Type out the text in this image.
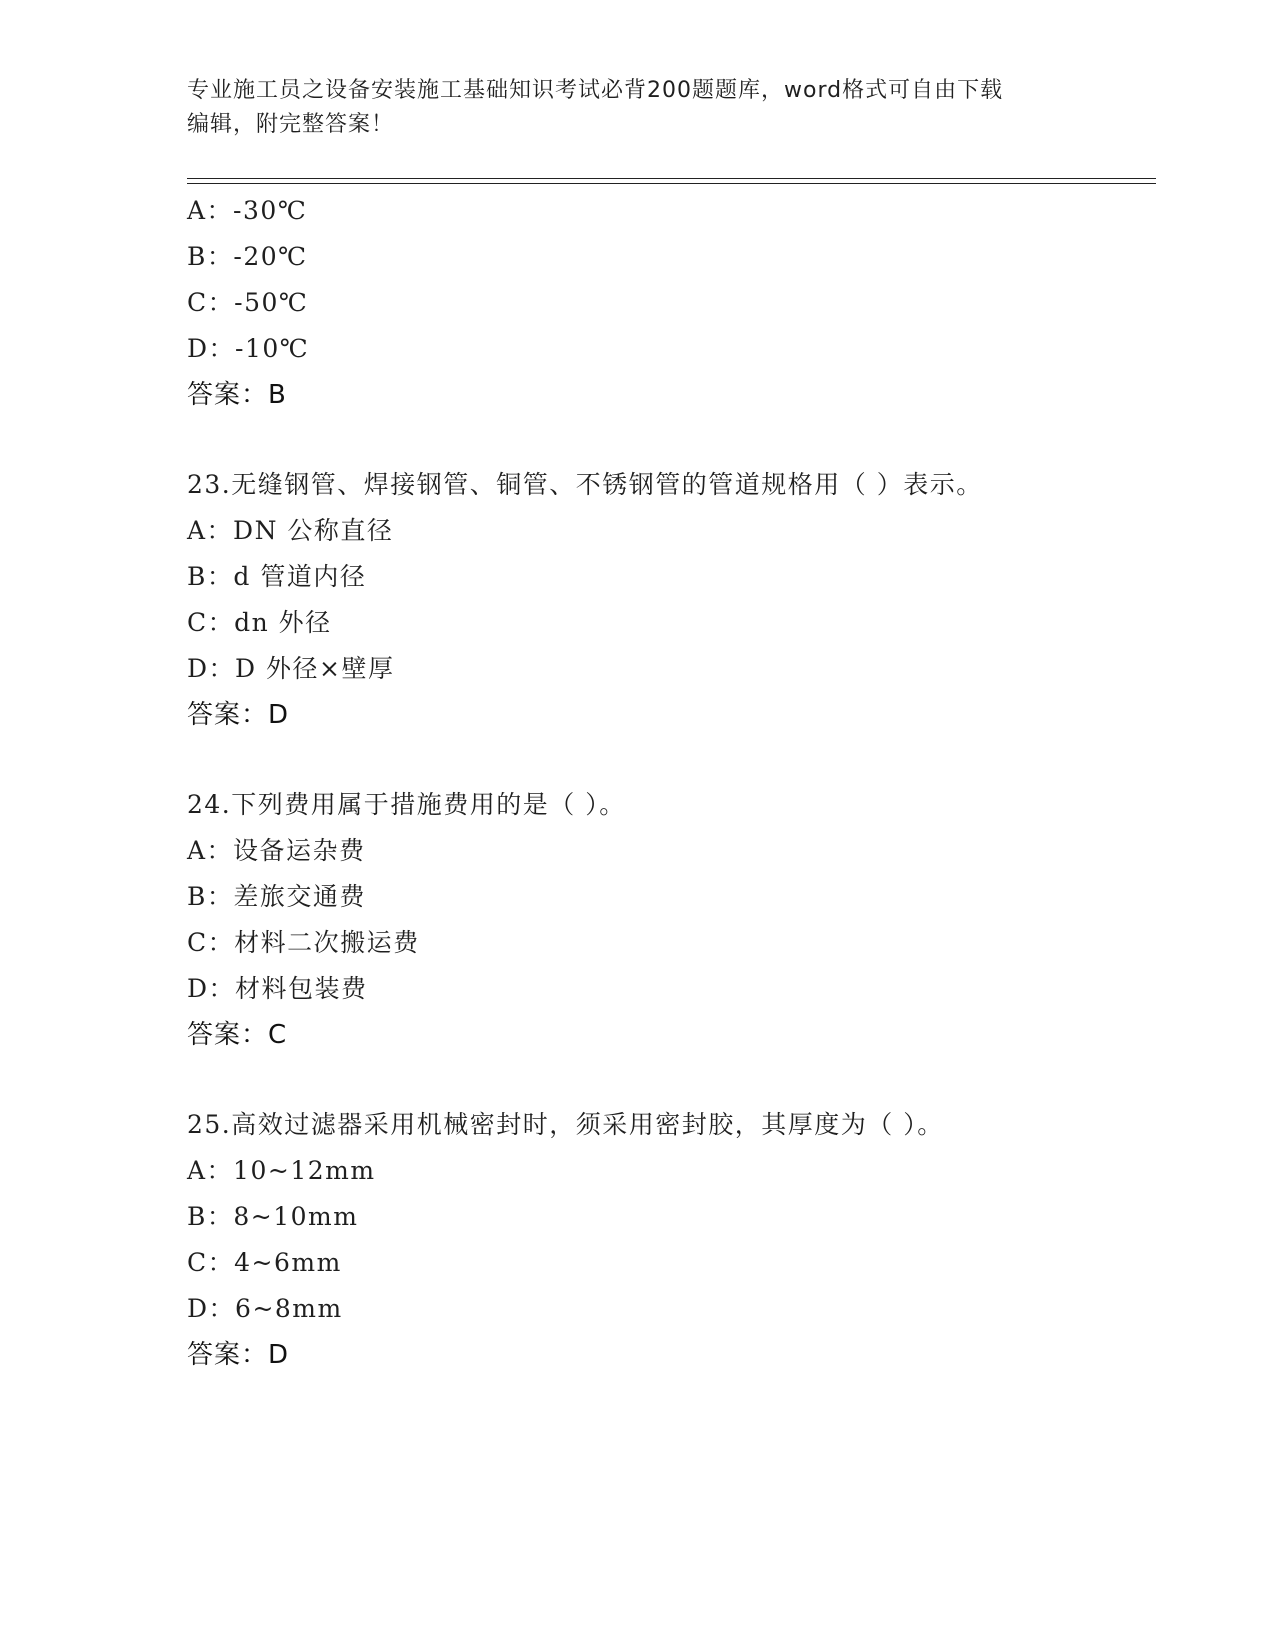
专业施工员之设备安装施工基础知识考试必背200题题库，word格式可自由下载
编辑，附完整答案！
A：-30℃
B：-20℃
C：-50℃
D：-10℃
答案：B
23.无缝钢管、焊接钢管、铜管、不锈钢管的管道规格用（ ）表示。
A：DN 公称直径
B：d 管道内径
C：dn 外径
D：D 外径×壁厚
答案：D
24.下列费用属于措施费用的是（ ）。
A：设备运杂费
B：差旅交通费
C：材料二次搬运费
D：材料包装费
答案：C
25.高效过滤器采用机械密封时，须采用密封胶，其厚度为（ ）。
A：10~12mm
B：8~10mm
C：4~6mm
D：6~8mm
答案：D
